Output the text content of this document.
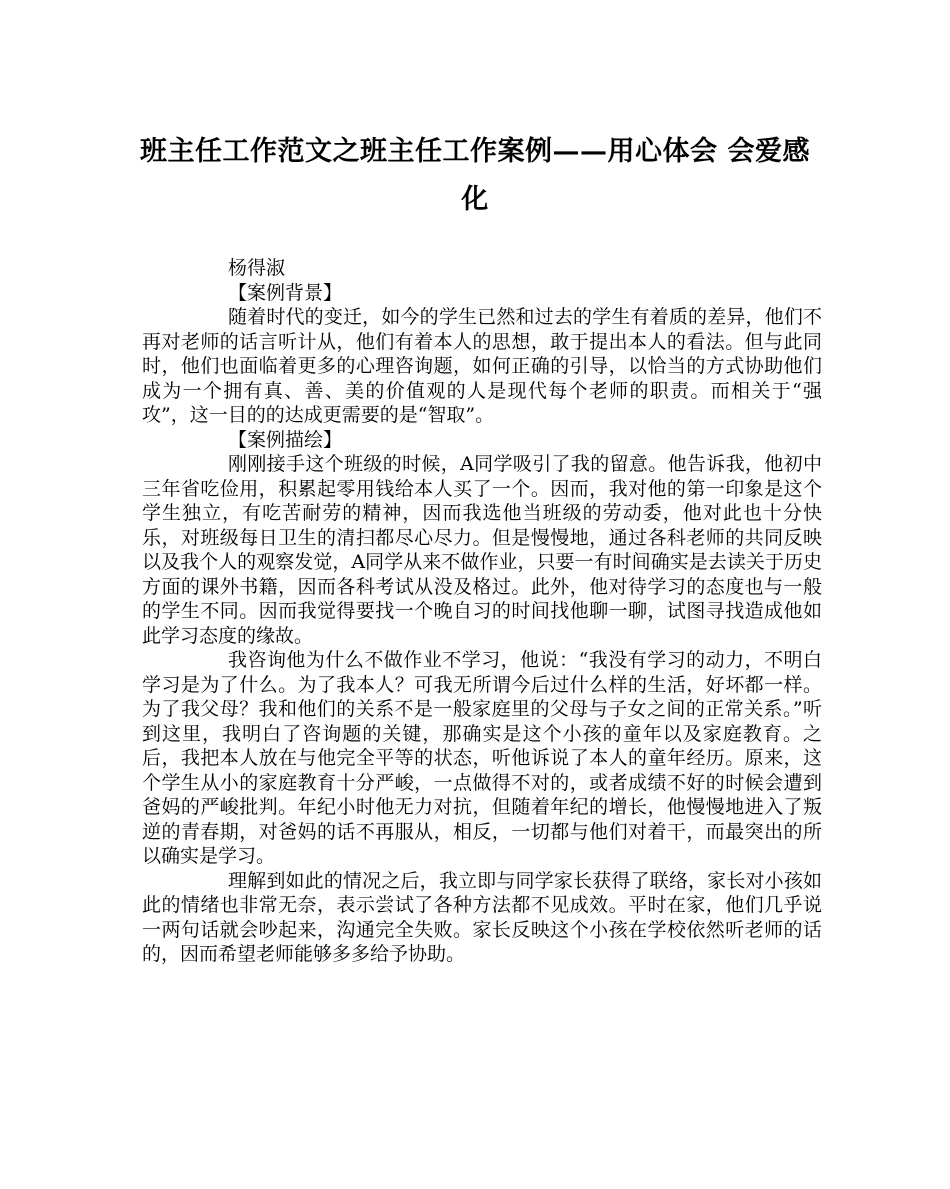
班主任工作范文之班主任工作案例——用心体会 会爱感化

杨得淑

【案例背景】

随着时代的变迁，如今的学生已然和过去的学生有着质的差异，他们不再对老师的话言听计从，他们有着本人的思想，敢于提出本人的看法。但与此同时，他们也面临着更多的心理咨询题，如何正确的引导，以恰当的方式协助他们成为一个拥有真、善、美的价值观的人是现代每个老师的职责。而相关于“强攻”，这一目的的达成更需要的是“智取”。

【案例描绘】

刚刚接手这个班级的时候，A同学吸引了我的留意。他告诉我，他初中三年省吃俭用，积累起零用钱给本人买了一个。因而，我对他的第一印象是这个学生独立，有吃苦耐劳的精神，因而我选他当班级的劳动委，他对此也十分快乐，对班级每日卫生的清扫都尽心尽力。但是慢慢地，通过各科老师的共同反映以及我个人的观察发觉，A同学从来不做作业，只要一有时间确实是去读关于历史方面的课外书籍，因而各科考试从没及格过。此外，他对待学习的态度也与一般的学生不同。因而我觉得要找一个晚自习的时间找他聊一聊，试图寻找造成他如此学习态度的缘故。

我咨询他为什么不做作业不学习，他说：“我没有学习的动力，不明白学习是为了什么。为了我本人？可我无所谓今后过什么样的生活，好坏都一样。为了我父母？我和他们的关系不是一般家庭里的父母与子女之间的正常关系。”听到这里，我明白了咨询题的关键，那确实是这个小孩的童年以及家庭教育。之后，我把本人放在与他完全平等的状态，听他诉说了本人的童年经历。原来，这个学生从小的家庭教育十分严峻，一点做得不对的，或者成绩不好的时候会遭到爸妈的严峻批判。年纪小时他无力对抗，但随着年纪的增长，他慢慢地进入了叛逆的青春期，对爸妈的话不再服从，相反，一切都与他们对着干，而最突出的所以确实是学习。

理解到如此的情况之后，我立即与同学家长获得了联络，家长对小孩如此的情绪也非常无奈，表示尝试了各种方法都不见成效。平时在家，他们几乎说一两句话就会吵起来，沟通完全失败。家长反映这个小孩在学校依然听老师的话的，因而希望老师能够多多给予协助。
